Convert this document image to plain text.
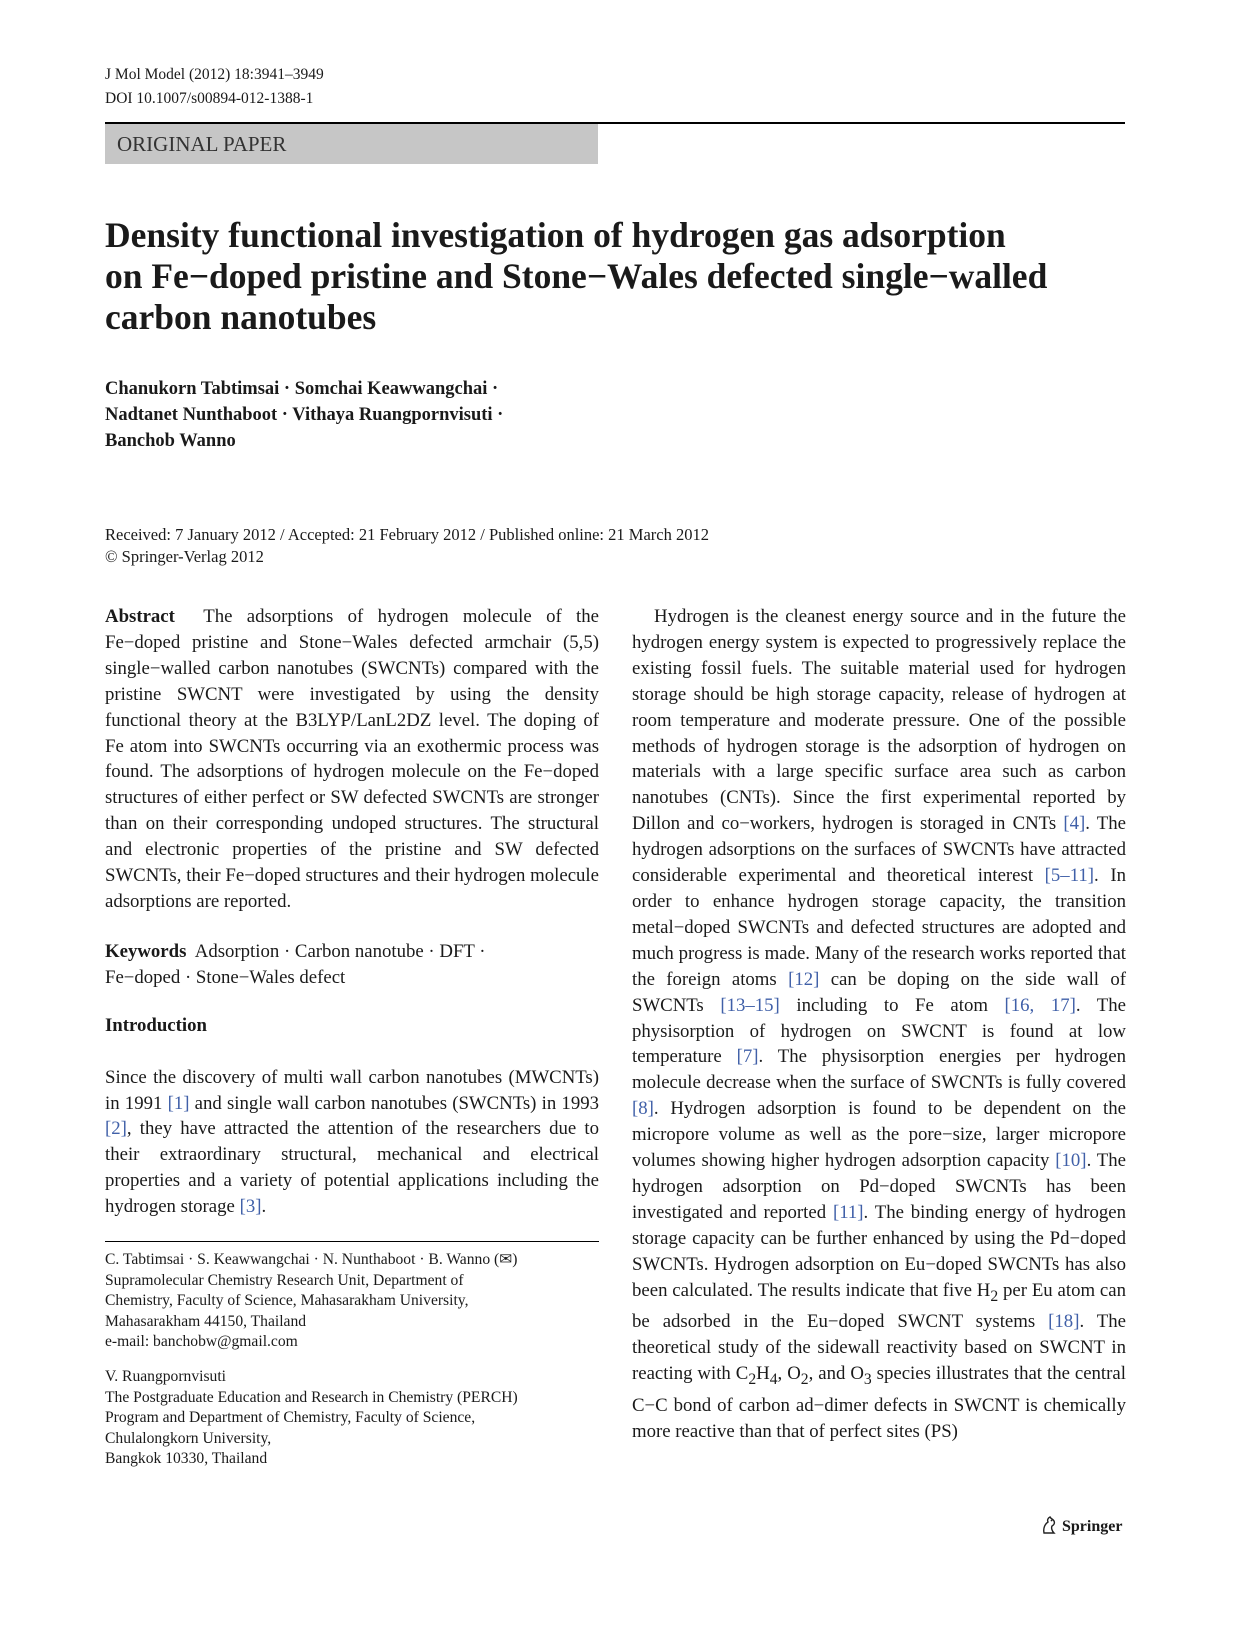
J Mol Model (2012) 18:3941–3949
DOI 10.1007/s00894-012-1388-1
ORIGINAL PAPER
Density functional investigation of hydrogen gas adsorption
on Fe−doped pristine and Stone−Wales defected single−walled
carbon nanotubes
Chanukorn Tabtimsai · Somchai Keawwangchai ·
Nadtanet Nunthaboot · Vithaya Ruangpornvisuti ·
Banchob Wanno
Received: 7 January 2012 / Accepted: 21 February 2012 / Published online: 21 March 2012
© Springer-Verlag 2012

Abstract The adsorptions of hydrogen molecule of the Fe−doped pristine and Stone−Wales defected armchair (5,5) single−walled carbon nanotubes (SWCNTs) compared with the pristine SWCNT were investigated by using the density functional theory at the B3LYP/LanL2DZ level. The doping of Fe atom into SWCNTs occurring via an exothermic process was found. The adsorptions of hydrogen molecule on the Fe−doped structures of either perfect or SW defected SWCNTs are stronger than on their corresponding undoped structures. The structural and electronic properties of the pristine and SW defected SWCNTs, their Fe−doped structures and their hydrogen molecule adsorptions are reported.

Keywords Adsorption · Carbon nanotube · DFT ·
Fe−doped · Stone−Wales defect

Introduction

Since the discovery of multi wall carbon nanotubes (MWCNTs) in 1991 [1] and single wall carbon nanotubes (SWCNTs) in 1993 [2], they have attracted the attention of the researchers due to their extraordinary structural, mechanical and electrical properties and a variety of potential applications including the hydrogen storage [3].

C. Tabtimsai · S. Keawwangchai · N. Nunthaboot · B. Wanno (✉)
Supramolecular Chemistry Research Unit, Department of
Chemistry, Faculty of Science, Mahasarakham University,
Mahasarakham 44150, Thailand
e-mail: banchobw@gmail.com

V. Ruangpornvisuti
The Postgraduate Education and Research in Chemistry (PERCH)
Program and Department of Chemistry, Faculty of Science,
Chulalongkorn University,
Bangkok 10330, Thailand

Hydrogen is the cleanest energy source and in the future the hydrogen energy system is expected to progressively replace the existing fossil fuels. The suitable material used for hydrogen storage should be high storage capacity, release of hydrogen at room temperature and moderate pressure. One of the possible methods of hydrogen storage is the adsorption of hydrogen on materials with a large specific surface area such as carbon nanotubes (CNTs). Since the first experimental reported by Dillon and co−workers, hydrogen is storaged in CNTs [4]. The hydrogen adsorptions on the surfaces of SWCNTs have attracted considerable experimental and theoretical interest [5–11]. In order to enhance hydrogen storage capacity, the transition metal−doped SWCNTs and defected structures are adopted and much progress is made. Many of the research works reported that the foreign atoms [12] can be doping on the side wall of SWCNTs [13–15] including to Fe atom [16, 17]. The physisorption of hydrogen on SWCNT is found at low temperature [7]. The physisorption energies per hydrogen molecule decrease when the surface of SWCNTs is fully covered [8]. Hydrogen adsorption is found to be dependent on the micropore volume as well as the pore−size, larger micropore volumes showing higher hydrogen adsorption capacity [10]. The hydrogen adsorption on Pd−doped SWCNTs has been investigated and reported [11]. The binding energy of hydrogen storage capacity can be further enhanced by using the Pd−doped SWCNTs. Hydrogen adsorption on Eu−doped SWCNTs has also been calculated. The results indicate that five $H_2$ per Eu atom can be adsorbed in the Eu−doped SWCNT systems [18]. The theoretical study of the sidewall reactivity based on SWCNT in reacting with $C_2H_4$, $O_2$, and $O_3$ species illustrates that the central C−C bond of carbon ad−dimer defects in SWCNT is chemically more reactive than that of perfect sites (PS)

Springer
